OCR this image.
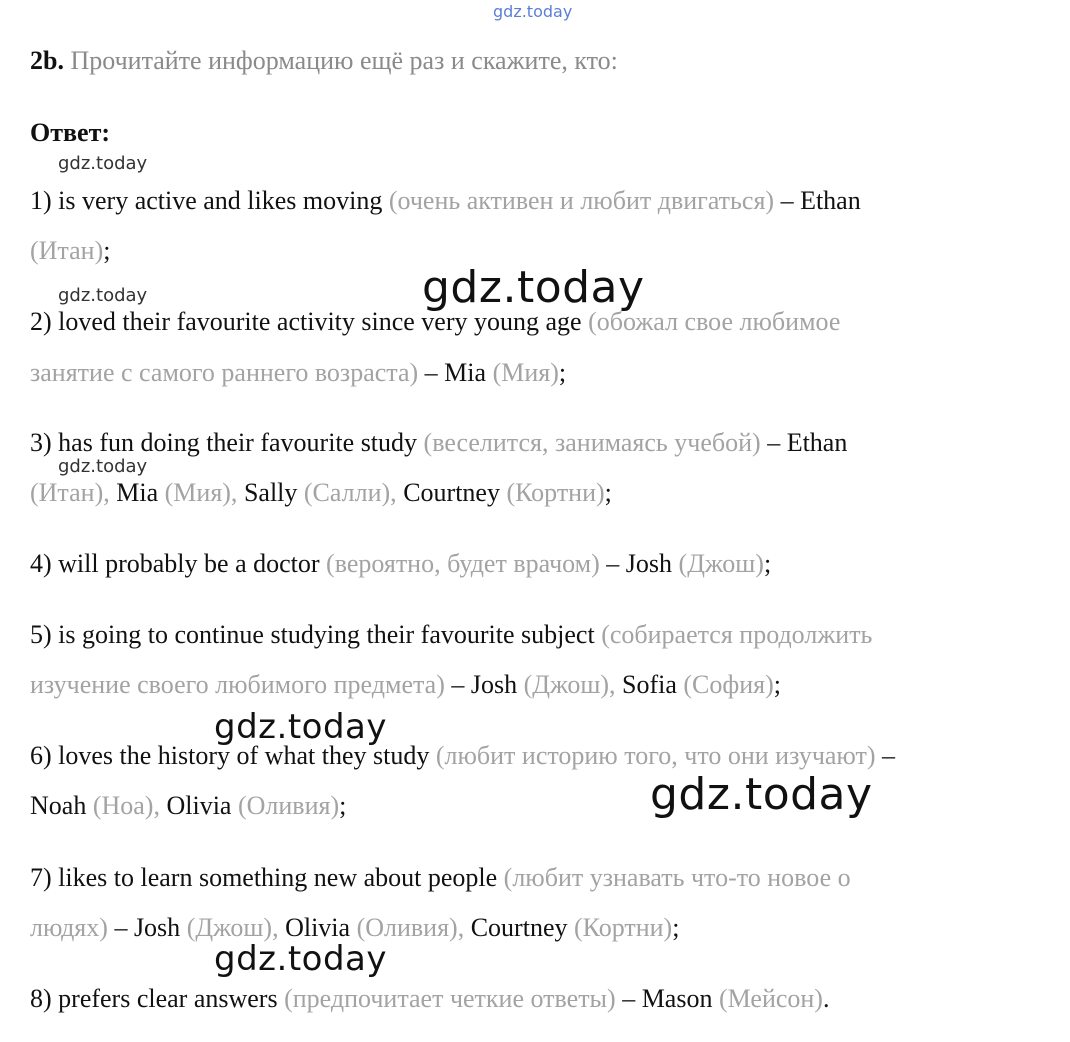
gdz.today
2b. Прочитайте информацию ещё раз и скажите, кто:
Ответ:
gdz.today
1) is very active and likes moving (очень активен и любит двигаться) – Ethan
(Итан);
gdz.today
gdz.today
2) loved their favourite activity since very young age (обожал свое любимое
занятие с самого раннего возраста) – Mia (Мия);
3) has fun doing their favourite study (веселится, занимаясь учебой) – Ethan
gdz.today
(Итан), Mia (Мия), Sally (Салли), Courtney (Кортни);
4) will probably be a doctor (вероятно, будет врачом) – Josh (Джош);
5) is going to continue studying their favourite subject (собирается продолжить
изучение своего любимого предмета) – Josh (Джош), Sofia (София);
gdz.today
6) loves the history of what they study (любит историю того, что они изучают) –
Noah (Ноа), Olivia (Оливия);	gdz.today
7) likes to learn something new about people (любит узнавать что-то новое о
людях) – Josh (Джош), Olivia (Оливия), Courtney (Кортни);
gdz.today
8) prefers clear answers (предпочитает четкие ответы) – Mason (Мейсон).
